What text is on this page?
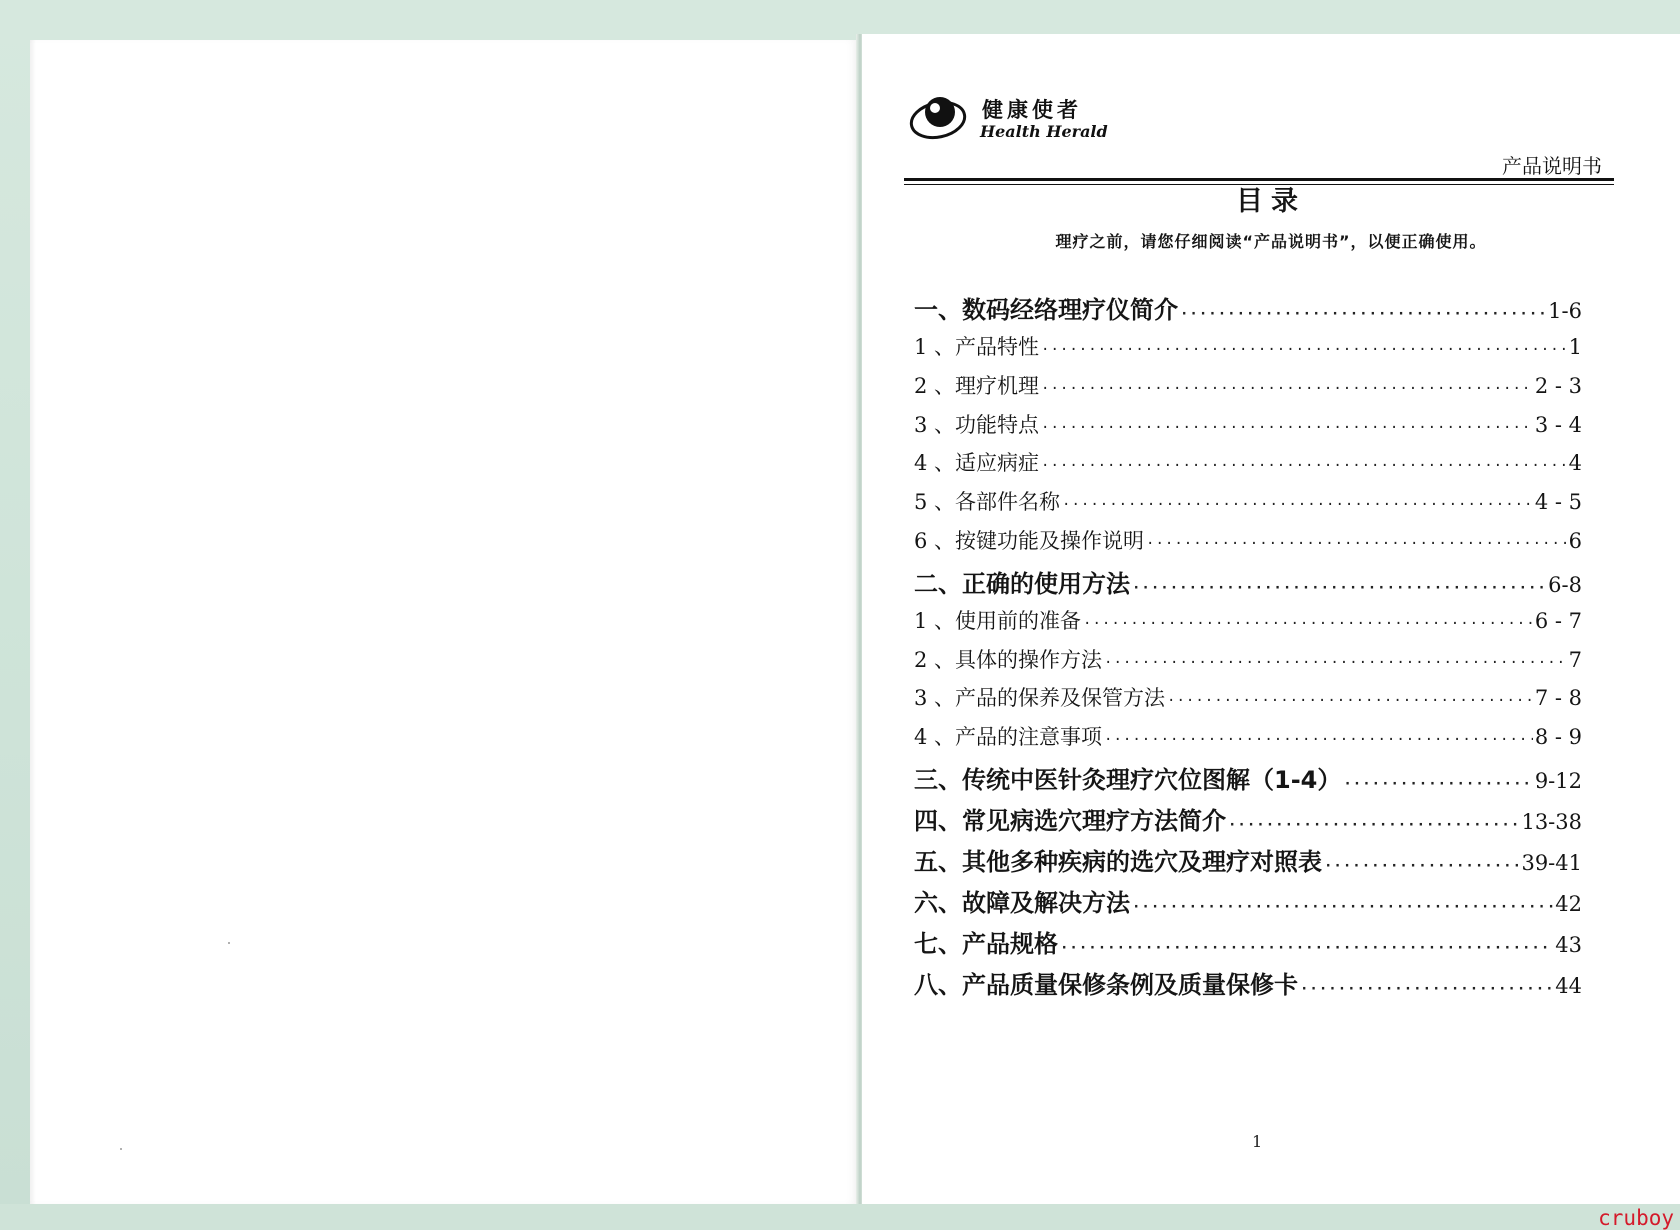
健康使者
Health Herald
产品说明书
目录
理疗之前，请您仔细阅读“产品说明书”，以便正确使用。
一、数码经络理疗仪简介 ·····	1-6
1 、产品特性 ·····	1
2 、理疗机理 ·····	2 - 3
3 、功能特点 ·····	3 - 4
4 、适应病症 ·····	4
5 、各部件名称 ·····	4 - 5
6 、按键功能及操作说明 ·····	6
二、正确的使用方法 ·····	6-8
1 、使用前的准备 ·····	6 - 7
2 、具体的操作方法 ·····	7
3 、产品的保养及保管方法 ·····	7 - 8
4 、产品的注意事项 ·····	8 - 9
三、传统中医针灸理疗穴位图解（1-4） ·····	9-12
四、常见病选穴理疗方法简介 ·····	13-38
五、其他多种疾病的选穴及理疗对照表 ·····	39-41
六、故障及解决方法 ·····	42
七、产品规格 ·····	43
八、产品质量保修条例及质量保修卡 ·····	44
1
cruboy
